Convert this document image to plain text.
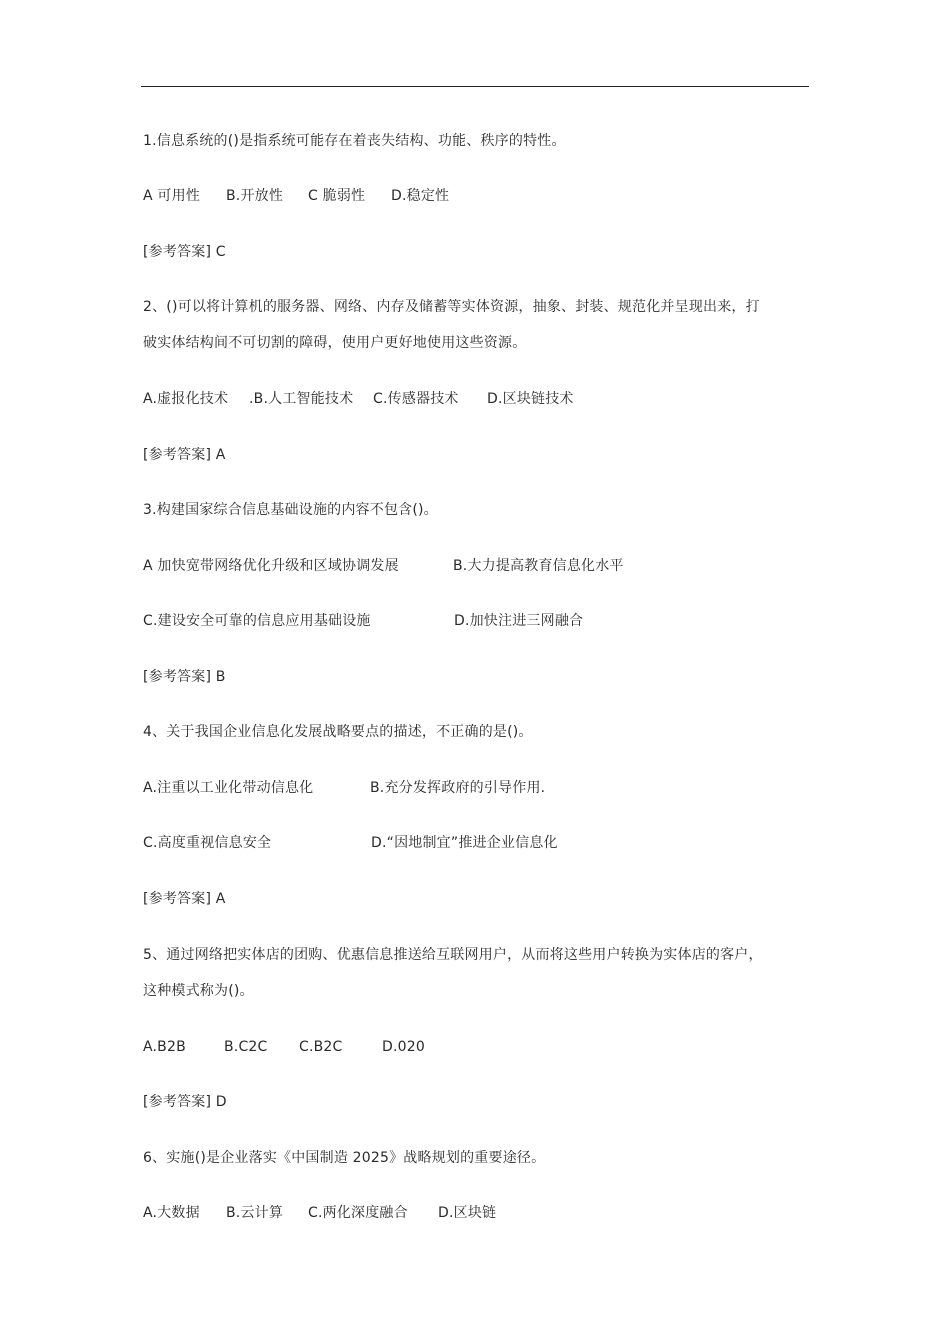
1.信息系统的()是指系统可能存在着丧失结构、功能、秩序的特性。
A 可用性 B.开放性 C 脆弱性 D.稳定性
[参考答案] C
2、()可以将计算机的服务器、网络、内存及储蓄等实体资源，抽象、封装、规范化并呈现出来，打
破实体结构间不可切割的障碍，使用户更好地使用这些资源。
A.虚报化技术 .B.人工智能技术 C.传感器技术 D.区块链技术
[参考答案] A
3.构建国家综合信息基础设施的内容不包含()。
A 加快宽带网络优化升级和区域协调发展	B.大力提高教育信息化水平
C.建设安全可靠的信息应用基础设施	D.加快注进三网融合
[参考答案] B
4、关于我国企业信息化发展战略要点的描述，不正确的是()。
A.注重以工业化带动信息化	B.充分发挥政府的引导作用.
C.高度重视信息安全	D.“因地制宜”推进企业信息化
[参考答案] A
5、通过网络把实体店的团购、优惠信息推送给互联网用户，从而将这些用户转换为实体店的客户，
这种模式称为()。
A.B2B	B.C2C C.B2C	D.020
[参考答案] D
6、实施()是企业落实《中国制造 2025》战略规划的重要途径。
A.大数据 B.云计算 C.两化深度融合 D.区块链
